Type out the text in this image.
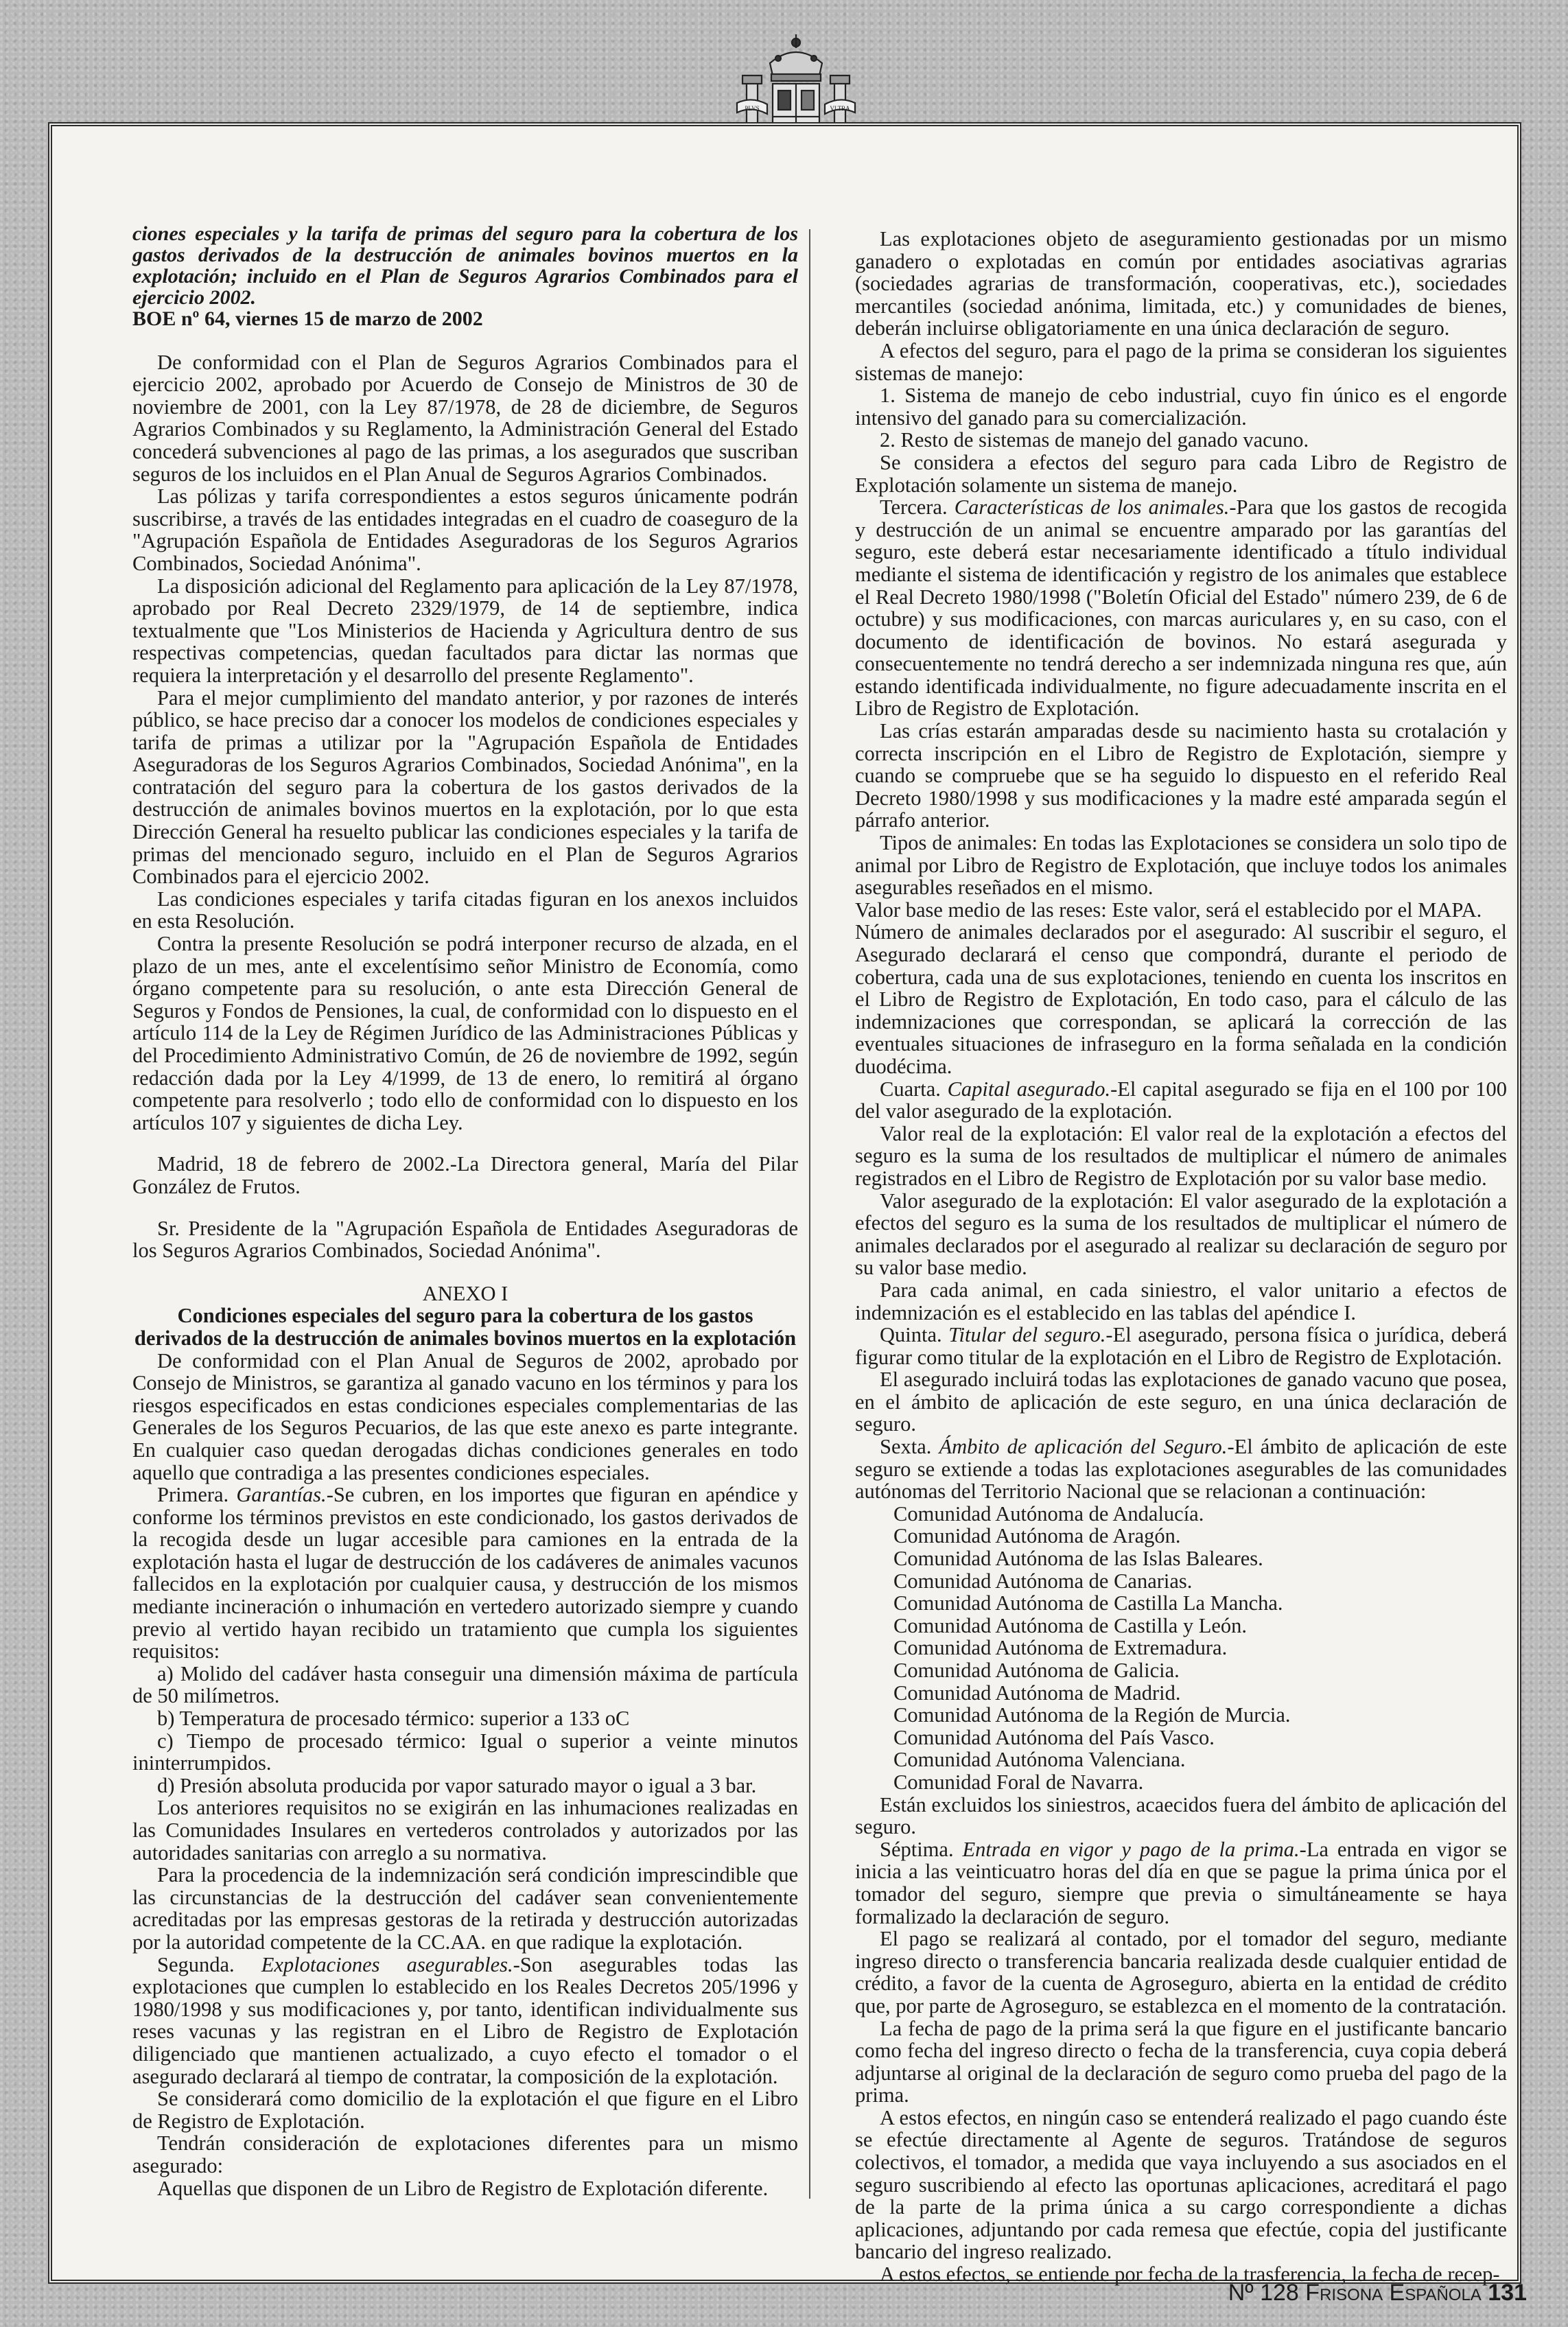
PLVS	VLTRA
ciones especiales y la tarifa de primas del seguro para la cobertura de los gastos derivados de la destrucción de animales bovinos muertos en la explotación; incluido en el Plan de Seguros Agrarios Combinados para el ejercicio 2002.
BOE nº 64, viernes 15 de marzo de 2002

De conformidad con el Plan de Seguros Agrarios Combinados para el ejercicio 2002, aprobado por Acuerdo de Consejo de Ministros de 30 de noviembre de 2001, con la Ley 87/1978, de 28 de diciembre, de Seguros Agrarios Combinados y su Reglamento, la Administración General del Estado concederá subvenciones al pago de las primas, a los asegurados que suscriban seguros de los incluidos en el Plan Anual de Seguros Agrarios Combinados.

Las pólizas y tarifa correspondientes a estos seguros únicamente podrán suscribirse, a través de las entidades integradas en el cuadro de coaseguro de la "Agrupación Española de Entidades Aseguradoras de los Seguros Agrarios Combinados, Sociedad Anónima".

La disposición adicional del Reglamento para aplicación de la Ley 87/1978, aprobado por Real Decreto 2329/1979, de 14 de septiembre, indica textualmente que "Los Ministerios de Hacienda y Agricultura dentro de sus respectivas competencias, quedan facultados para dictar las normas que requiera la interpretación y el desarrollo del presente Reglamento".

Para el mejor cumplimiento del mandato anterior, y por razones de interés público, se hace preciso dar a conocer los modelos de condiciones especiales y tarifa de primas a utilizar por la "Agrupación Española de Entidades Aseguradoras de los Seguros Agrarios Combinados, Sociedad Anónima", en la contratación del seguro para la cobertura de los gastos derivados de la destrucción de animales bovinos muertos en la explotación, por lo que esta Dirección General ha resuelto publicar las condiciones especiales y la tarifa de primas del mencionado seguro, incluido en el Plan de Seguros Agrarios Combinados para el ejercicio 2002.

Las condiciones especiales y tarifa citadas figuran en los anexos incluidos en esta Resolución.

Contra la presente Resolución se podrá interponer recurso de alzada, en el plazo de un mes, ante el excelentísimo señor Ministro de Economía, como órgano competente para su resolución, o ante esta Dirección General de Seguros y Fondos de Pensiones, la cual, de conformidad con lo dispuesto en el artículo 114 de la Ley de Régimen Jurídico de las Administraciones Públicas y del Procedimiento Administrativo Común, de 26 de noviembre de 1992, según redacción dada por la Ley 4/1999, de 13 de enero, lo remitirá al órgano competente para resolverlo ; todo ello de conformidad con lo dispuesto en los artículos 107 y siguientes de dicha Ley.

Madrid, 18 de febrero de 2002.-La Directora general, María del Pilar González de Frutos.

Sr. Presidente de la "Agrupación Española de Entidades Aseguradoras de los Seguros Agrarios Combinados, Sociedad Anónima".

ANEXO I
Condiciones especiales del seguro para la cobertura de los gastos derivados de la destrucción de animales bovinos muertos en la explotación

De conformidad con el Plan Anual de Seguros de 2002, aprobado por Consejo de Ministros, se garantiza al ganado vacuno en los términos y para los riesgos especificados en estas condiciones especiales complementarias de las Generales de los Seguros Pecuarios, de las que este anexo es parte integrante. En cualquier caso quedan derogadas dichas condiciones generales en todo aquello que contradiga a las presentes condiciones especiales.

Primera. Garantías.-Se cubren, en los importes que figuran en apéndice y conforme los términos previstos en este condicionado, los gastos derivados de la recogida desde un lugar accesible para camiones en la entrada de la explotación hasta el lugar de destrucción de los cadáveres de animales vacunos fallecidos en la explotación por cualquier causa, y destrucción de los mismos mediante incineración o inhumación en vertedero autorizado siempre y cuando previo al vertido hayan recibido un tratamiento que cumpla los siguientes requisitos:

a) Molido del cadáver hasta conseguir una dimensión máxima de partícula de 50 milímetros.

b) Temperatura de procesado térmico: superior a 133 oC

c) Tiempo de procesado térmico: Igual o superior a veinte minutos ininterrumpidos.

d) Presión absoluta producida por vapor saturado mayor o igual a 3 bar.

Los anteriores requisitos no se exigirán en las inhumaciones realizadas en las Comunidades Insulares en vertederos controlados y autorizados por las autoridades sanitarias con arreglo a su normativa.

Para la procedencia de la indemnización será condición imprescindible que las circunstancias de la destrucción del cadáver sean convenientemente acreditadas por las empresas gestoras de la retirada y destrucción autorizadas por la autoridad competente de la CC.AA. en que radique la explotación.

Segunda. Explotaciones asegurables.-Son asegurables todas las explotaciones que cumplen lo establecido en los Reales Decretos 205/1996 y 1980/1998 y sus modificaciones y, por tanto, identifican individualmente sus reses vacunas y las registran en el Libro de Registro de Explotación diligenciado que mantienen actualizado, a cuyo efecto el tomador o el asegurado declarará al tiempo de contratar, la composición de la explotación.

Se considerará como domicilio de la explotación el que figure en el Libro de Registro de Explotación.

Tendrán consideración de explotaciones diferentes para un mismo asegurado:

Aquellas que disponen de un Libro de Registro de Explotación diferente.

Las explotaciones objeto de aseguramiento gestionadas por un mismo ganadero o explotadas en común por entidades asociativas agrarias (sociedades agrarias de transformación, cooperativas, etc.), sociedades mercantiles (sociedad anónima, limitada, etc.) y comunidades de bienes, deberán incluirse obligatoriamente en una única declaración de seguro.

A efectos del seguro, para el pago de la prima se consideran los siguientes sistemas de manejo:

1. Sistema de manejo de cebo industrial, cuyo fin único es el engorde intensivo del ganado para su comercialización.

2. Resto de sistemas de manejo del ganado vacuno.

Se considera a efectos del seguro para cada Libro de Registro de Explotación solamente un sistema de manejo.

Tercera. Características de los animales.-Para que los gastos de recogida y destrucción de un animal se encuentre amparado por las garantías del seguro, este deberá estar necesariamente identificado a título individual mediante el sistema de identificación y registro de los animales que establece el Real Decreto 1980/1998 ("Boletín Oficial del Estado" número 239, de 6 de octubre) y sus modificaciones, con marcas auriculares y, en su caso, con el documento de identificación de bovinos. No estará asegurada y consecuentemente no tendrá derecho a ser indemnizada ninguna res que, aún estando identificada individualmente, no figure adecuadamente inscrita en el Libro de Registro de Explotación.

Las crías estarán amparadas desde su nacimiento hasta su crotalación y correcta inscripción en el Libro de Registro de Explotación, siempre y cuando se compruebe que se ha seguido lo dispuesto en el referido Real Decreto 1980/1998 y sus modificaciones y la madre esté amparada según el párrafo anterior.

Tipos de animales: En todas las Explotaciones se considera un solo tipo de animal por Libro de Registro de Explotación, que incluye todos los animales asegurables reseñados en el mismo.

Valor base medio de las reses: Este valor, será el establecido por el MAPA.

Número de animales declarados por el asegurado: Al suscribir el seguro, el Asegurado declarará el censo que compondrá, durante el periodo de cobertura, cada una de sus explotaciones, teniendo en cuenta los inscritos en el Libro de Registro de Explotación, En todo caso, para el cálculo de las indemnizaciones que correspondan, se aplicará la corrección de las eventuales situaciones de infraseguro en la forma señalada en la condición duodécima.

Cuarta. Capital asegurado.-El capital asegurado se fija en el 100 por 100 del valor asegurado de la explotación.

Valor real de la explotación: El valor real de la explotación a efectos del seguro es la suma de los resultados de multiplicar el número de animales registrados en el Libro de Registro de Explotación por su valor base medio.

Valor asegurado de la explotación: El valor asegurado de la explotación a efectos del seguro es la suma de los resultados de multiplicar el número de animales declarados por el asegurado al realizar su declaración de seguro por su valor base medio.

Para cada animal, en cada siniestro, el valor unitario a efectos de indemnización es el establecido en las tablas del apéndice I.

Quinta. Titular del seguro.-El asegurado, persona física o jurídica, deberá figurar como titular de la explotación en el Libro de Registro de Explotación.

El asegurado incluirá todas las explotaciones de ganado vacuno que posea, en el ámbito de aplicación de este seguro, en una única declaración de seguro.

Sexta. Ámbito de aplicación del Seguro.-El ámbito de aplicación de este seguro se extiende a todas las explotaciones asegurables de las comunidades autónomas del Territorio Nacional que se relacionan a continuación:

Comunidad Autónoma de Andalucía.

Comunidad Autónoma de Aragón.

Comunidad Autónoma de las Islas Baleares.

Comunidad Autónoma de Canarias.

Comunidad Autónoma de Castilla La Mancha.

Comunidad Autónoma de Castilla y León.

Comunidad Autónoma de Extremadura.

Comunidad Autónoma de Galicia.

Comunidad Autónoma de Madrid.

Comunidad Autónoma de la Región de Murcia.

Comunidad Autónoma del País Vasco.

Comunidad Autónoma Valenciana.

Comunidad Foral de Navarra.

Están excluidos los siniestros, acaecidos fuera del ámbito de aplicación del seguro.

Séptima. Entrada en vigor y pago de la prima.-La entrada en vigor se inicia a las veinticuatro horas del día en que se pague la prima única por el tomador del seguro, siempre que previa o simultáneamente se haya formalizado la declaración de seguro.

El pago se realizará al contado, por el tomador del seguro, mediante ingreso directo o transferencia bancaria realizada desde cualquier entidad de crédito, a favor de la cuenta de Agroseguro, abierta en la entidad de crédito que, por parte de Agroseguro, se establezca en el momento de la contratación.

La fecha de pago de la prima será la que figure en el justificante bancario como fecha del ingreso directo o fecha de la transferencia, cuya copia deberá adjuntarse al original de la declaración de seguro como prueba del pago de la prima.

A estos efectos, en ningún caso se entenderá realizado el pago cuando éste se efectúe directamente al Agente de seguros. Tratándose de seguros colectivos, el tomador, a medida que vaya incluyendo a sus asociados en el seguro suscribiendo al efecto las oportunas aplicaciones, acreditará el pago de la parte de la prima única a su cargo correspondiente a dichas aplicaciones, adjuntando por cada remesa que efectúe, copia del justificante bancario del ingreso realizado.

A estos efectos, se entiende por fecha de la trasferencia, la fecha de recep-

Nº 128 Frisona Española 131
